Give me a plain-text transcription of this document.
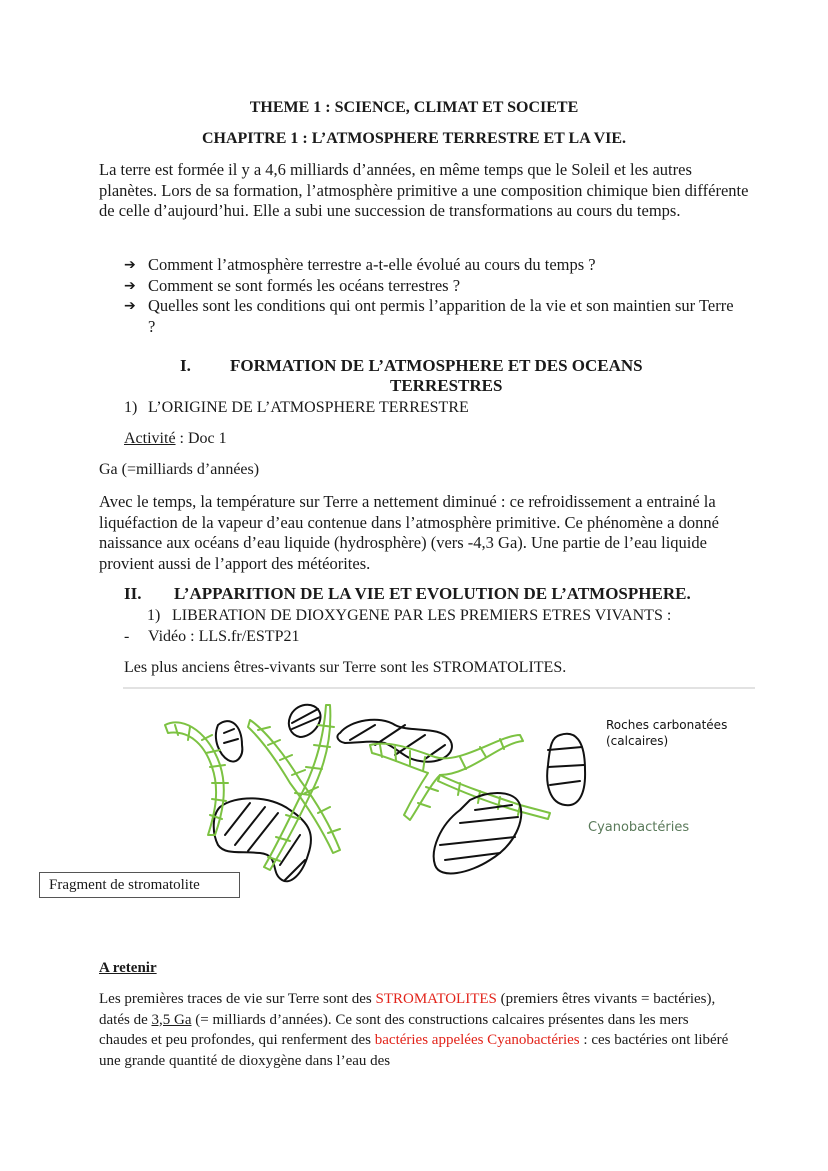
THEME 1 : SCIENCE, CLIMAT ET SOCIETE
CHAPITRE 1 : L’ATMOSPHERE TERRESTRE ET LA VIE.
La terre est formée il y a 4,6 milliards d’années, en même temps que le Soleil et les autres planètes. Lors de sa formation, l’atmosphère primitive a une composition chimique bien différente de celle d’aujourd’hui. Elle a subi une succession de transformations au cours du temps.
➔ Comment l’atmosphère terrestre a-t-elle évolué au cours du temps ?
➔ Comment se sont formés les océans terrestres ?
➔ Quelles sont les conditions qui ont permis l’apparition de la vie et son maintien sur Terre ?
I. FORMATION DE L’ATMOSPHERE ET DES OCEANS
TERRESTRES
1) L’ORIGINE DE L’ATMOSPHERE TERRESTRE
Activité : Doc 1
Ga (=milliards d’années)
Avec le temps, la température sur Terre a nettement diminué : ce refroidissement a entrainé la liquéfaction de la vapeur d’eau contenue dans l’atmosphère primitive. Ce phénomène a donné naissance aux océans d’eau liquide (hydrosphère) (vers -4,3 Ga). Une partie de l’eau liquide provient aussi de l’apport des météorites.
II. L’APPARITION DE LA VIE ET EVOLUTION DE L’ATMOSPHERE.
1) LIBERATION DE DIOXYGENE PAR LES PREMIERS ETRES VIVANTS :
- Vidéo : LLS.fr/ESTP21
Les plus anciens êtres-vivants sur Terre sont les STROMATOLITES.
Roches carbonatées
(calcaires)
Cyanobactéries
Fragment de stromatolite
A retenir
Les premières traces de vie sur Terre sont des STROMATOLITES (premiers êtres vivants = bactéries), datés de 3,5 Ga (= milliards d’années). Ce sont des constructions calcaires présentes dans les mers chaudes et peu profondes, qui renferment des bactéries appelées Cyanobactéries : ces bactéries ont libéré une grande quantité de dioxygène dans l’eau des
